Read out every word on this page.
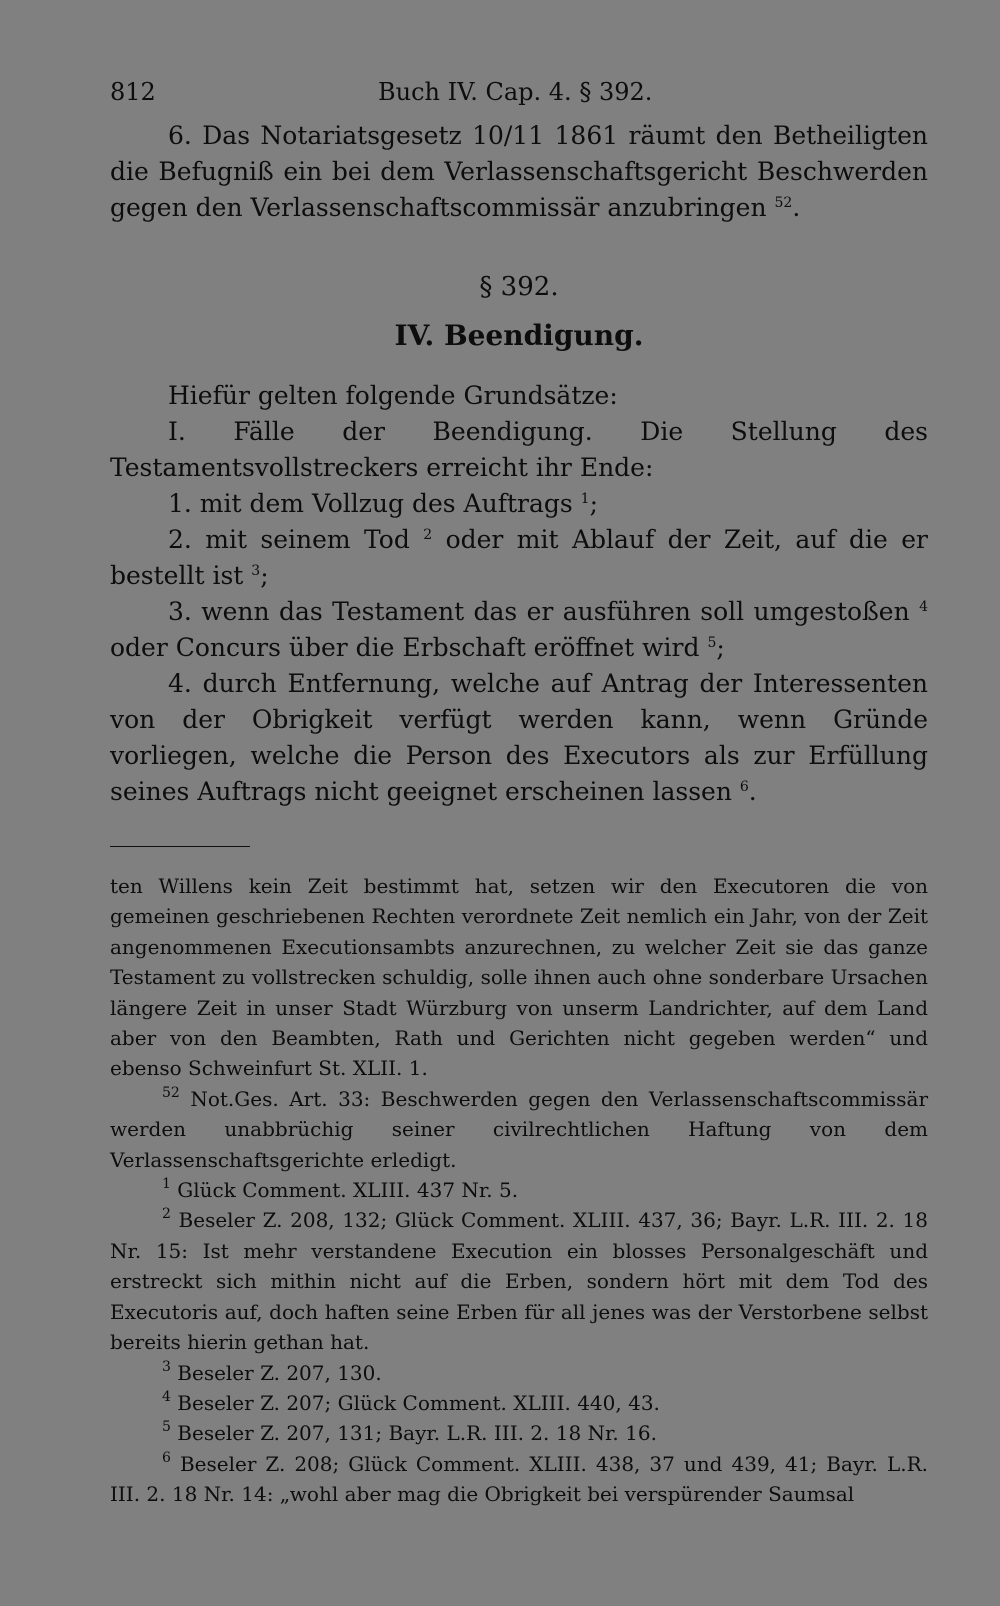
812	Buch IV. Cap. 4. § 392.

6. Das Notariatsgesetz 10/11 1861 räumt den Betheiligten die Befugniß ein bei dem Verlassenschaftsgericht Beschwerden gegen den Verlassenschaftscommissär anzubringen $^{52}$.

§ 392.
IV. Beendigung.

Hiefür gelten folgende Grundsätze:

I. Fälle der Beendigung. Die Stellung des Testamentsvollstreckers erreicht ihr Ende:

1. mit dem Vollzug des Auftrags $^1$;

2. mit seinem Tod $^2$ oder mit Ablauf der Zeit, auf die er bestellt ist $^3$;

3. wenn das Testament das er ausführen soll umgestoßen $^4$ oder Concurs über die Erbschaft eröffnet wird $^5$;

4. durch Entfernung, welche auf Antrag der Interessenten von der Obrigkeit verfügt werden kann, wenn Gründe vorliegen, welche die Person des Executors als zur Erfüllung seines Auftrags nicht geeignet erscheinen lassen $^6$.

ten Willens kein Zeit bestimmt hat, setzen wir den Executoren die von gemeinen geschriebenen Rechten verordnete Zeit nemlich ein Jahr, von der Zeit angenommenen Executionsambts anzurechnen, zu welcher Zeit sie das ganze Testament zu vollstrecken schuldig, solle ihnen auch ohne sonderbare Ursachen längere Zeit in unser Stadt Würzburg von unserm Landrichter, auf dem Land aber von den Beambten, Rath und Gerichten nicht gegeben werden“ und ebenso Schweinfurt St. XLII. 1.

$^{52}$ Not.Ges. Art. 33: Beschwerden gegen den Verlassenschaftscommissär werden unabbrüchig seiner civilrechtlichen Haftung von dem Verlassenschaftsgerichte erledigt.

$^1$ Glück Comment. XLIII. 437 Nr. 5.

$^2$ Beseler Z. 208, 132; Glück Comment. XLIII. 437, 36; Bayr. L.R. III. 2. 18 Nr. 15: Ist mehr verstandene Execution ein blosses Personalgeschäft und erstreckt sich mithin nicht auf die Erben, sondern hört mit dem Tod des Executoris auf, doch haften seine Erben für all jenes was der Verstorbene selbst bereits hierin gethan hat.

$^3$ Beseler Z. 207, 130.

$^4$ Beseler Z. 207; Glück Comment. XLIII. 440, 43.

$^5$ Beseler Z. 207, 131; Bayr. L.R. III. 2. 18 Nr. 16.

$^6$ Beseler Z. 208; Glück Comment. XLIII. 438, 37 und 439, 41; Bayr. L.R. III. 2. 18 Nr. 14: „wohl aber mag die Obrigkeit bei verspürender Saumsal
